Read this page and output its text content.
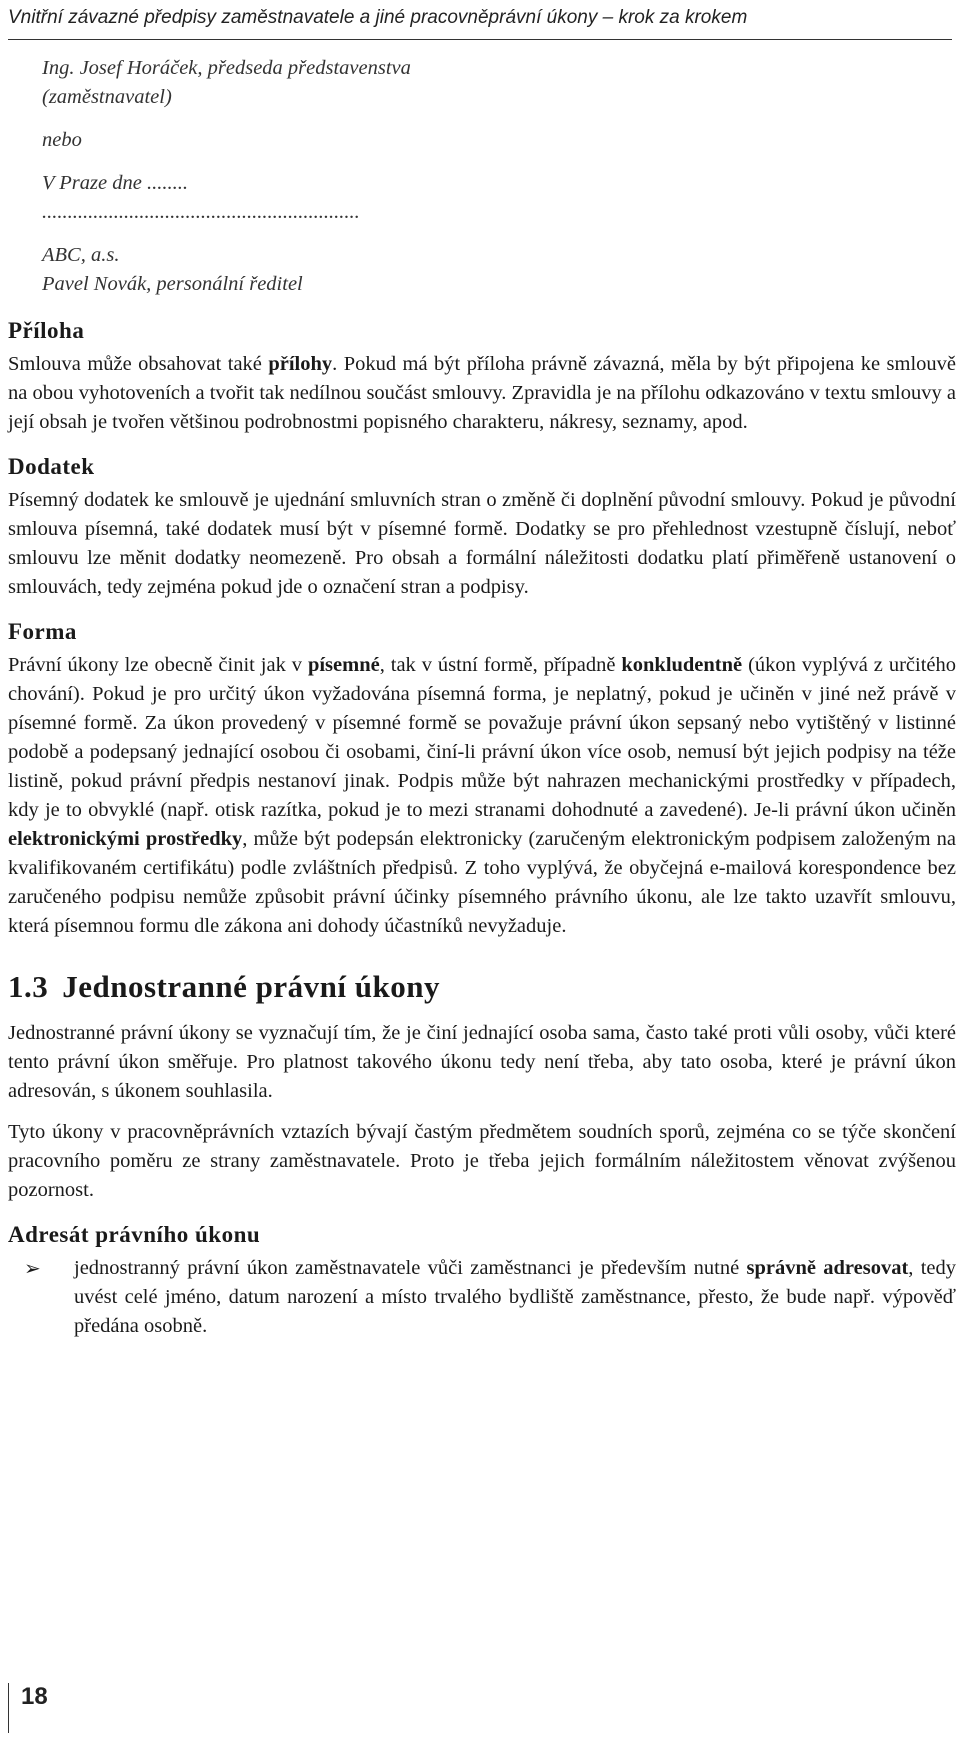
Vnitřní závazné předpisy zaměstnavatele a jiné pracovněprávní úkony – krok za krokem

Ing. Josef Horáček, předseda představenstva

(zaměstnavatel)

nebo

V Praze dne ........

..............................................................

ABC, a.s.

Pavel Novák, personální ředitel

Příloha

Smlouva může obsahovat také přílohy. Pokud má být příloha právně závazná, měla by být připojena ke smlouvě na obou vyhotoveních a tvořit tak nedílnou součást smlouvy. Zpravidla je na přílohu odkazováno v textu smlouvy a její obsah je tvořen většinou podrobnostmi popisného charakteru, nákresy, seznamy, apod.

Dodatek

Písemný dodatek ke smlouvě je ujednání smluvních stran o změně či doplnění původní smlouvy. Pokud je původní smlouva písemná, také dodatek musí být v písemné formě. Dodatky se pro přehlednost vzestupně číslují, neboť smlouvu lze měnit dodatky neomezeně. Pro obsah a formální náležitosti dodatku platí přiměřeně ustanovení o smlouvách, tedy zejména pokud jde o označení stran a podpisy.

Forma

Právní úkony lze obecně činit jak v písemné, tak v ústní formě, případně konkludentně (úkon vyplývá z určitého chování). Pokud je pro určitý úkon vyžadována písemná forma, je neplatný, pokud je učiněn v jiné než právě v písemné formě. Za úkon provedený v písemné formě se považuje právní úkon sepsaný nebo vytištěný v listinné podobě a podepsaný jednající osobou či osobami, činí-li právní úkon více osob, nemusí být jejich podpisy na téže listině, pokud právní předpis nestanoví jinak. Podpis může být nahrazen mechanickými prostředky v případech, kdy je to obvyklé (např. otisk razítka, pokud je to mezi stranami dohodnuté a zavedené). Je-li právní úkon učiněn elektronickými prostředky, může být podepsán elektronicky (zaručeným elektronickým podpisem založeným na kvalifikovaném certifikátu) podle zvláštních předpisů. Z toho vyplývá, že obyčejná e-mailová korespondence bez zaručeného podpisu nemůže způsobit právní účinky písemného právního úkonu, ale lze takto uzavřít smlouvu, která písemnou formu dle zákona ani dohody účastníků nevyžaduje.

1.3 Jednostranné právní úkony

Jednostranné právní úkony se vyznačují tím, že je činí jednající osoba sama, často také proti vůli osoby, vůči které tento právní úkon směřuje. Pro platnost takového úkonu tedy není třeba, aby tato osoba, které je právní úkon adresován, s úkonem souhlasila.

Tyto úkony v pracovněprávních vztazích bývají častým předmětem soudních sporů, zejména co se týče skončení pracovního poměru ze strany zaměstnavatele. Proto je třeba jejich formálním náležitostem věnovat zvýšenou pozornost.

Adresát právního úkonu
➢	jednostranný právní úkon zaměstnavatele vůči zaměstnanci je především nutné správně adresovat, tedy uvést celé jméno, datum narození a místo trvalého bydliště zaměstnance, přesto, že bude např. výpověď předána osobně.
18
